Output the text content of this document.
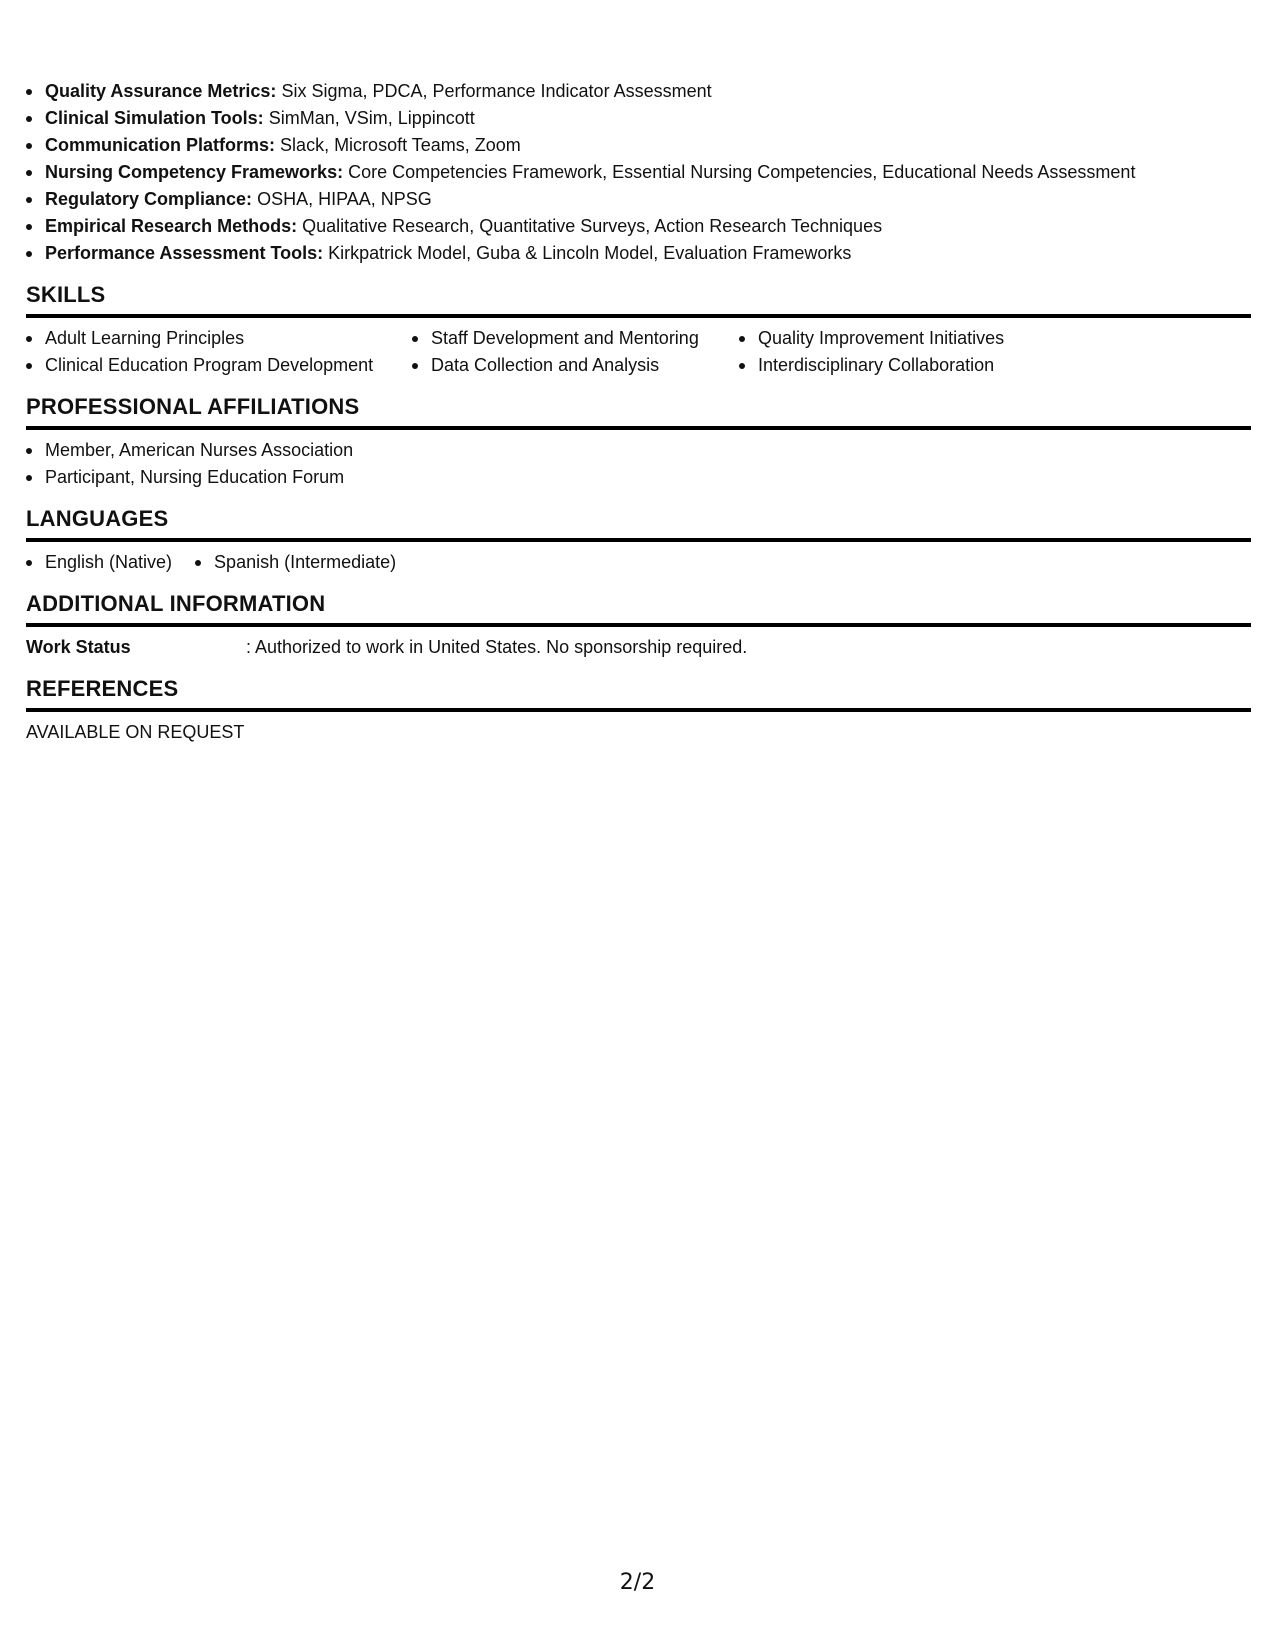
Quality Assurance Metrics: Six Sigma, PDCA, Performance Indicator Assessment
Clinical Simulation Tools: SimMan, VSim, Lippincott
Communication Platforms: Slack, Microsoft Teams, Zoom
Nursing Competency Frameworks: Core Competencies Framework, Essential Nursing Competencies, Educational Needs Assessment
Regulatory Compliance: OSHA, HIPAA, NPSG
Empirical Research Methods: Qualitative Research, Quantitative Surveys, Action Research Techniques
Performance Assessment Tools: Kirkpatrick Model, Guba & Lincoln Model, Evaluation Frameworks
SKILLS
Adult Learning Principles
Clinical Education Program Development
Staff Development and Mentoring
Data Collection and Analysis
Quality Improvement Initiatives
Interdisciplinary Collaboration
PROFESSIONAL AFFILIATIONS
Member, American Nurses Association
Participant, Nursing Education Forum
LANGUAGES
English (Native)	Spanish (Intermediate)
ADDITIONAL INFORMATION
Work Status	: Authorized to work in United States. No sponsorship required.
REFERENCES
AVAILABLE ON REQUEST
2/2
